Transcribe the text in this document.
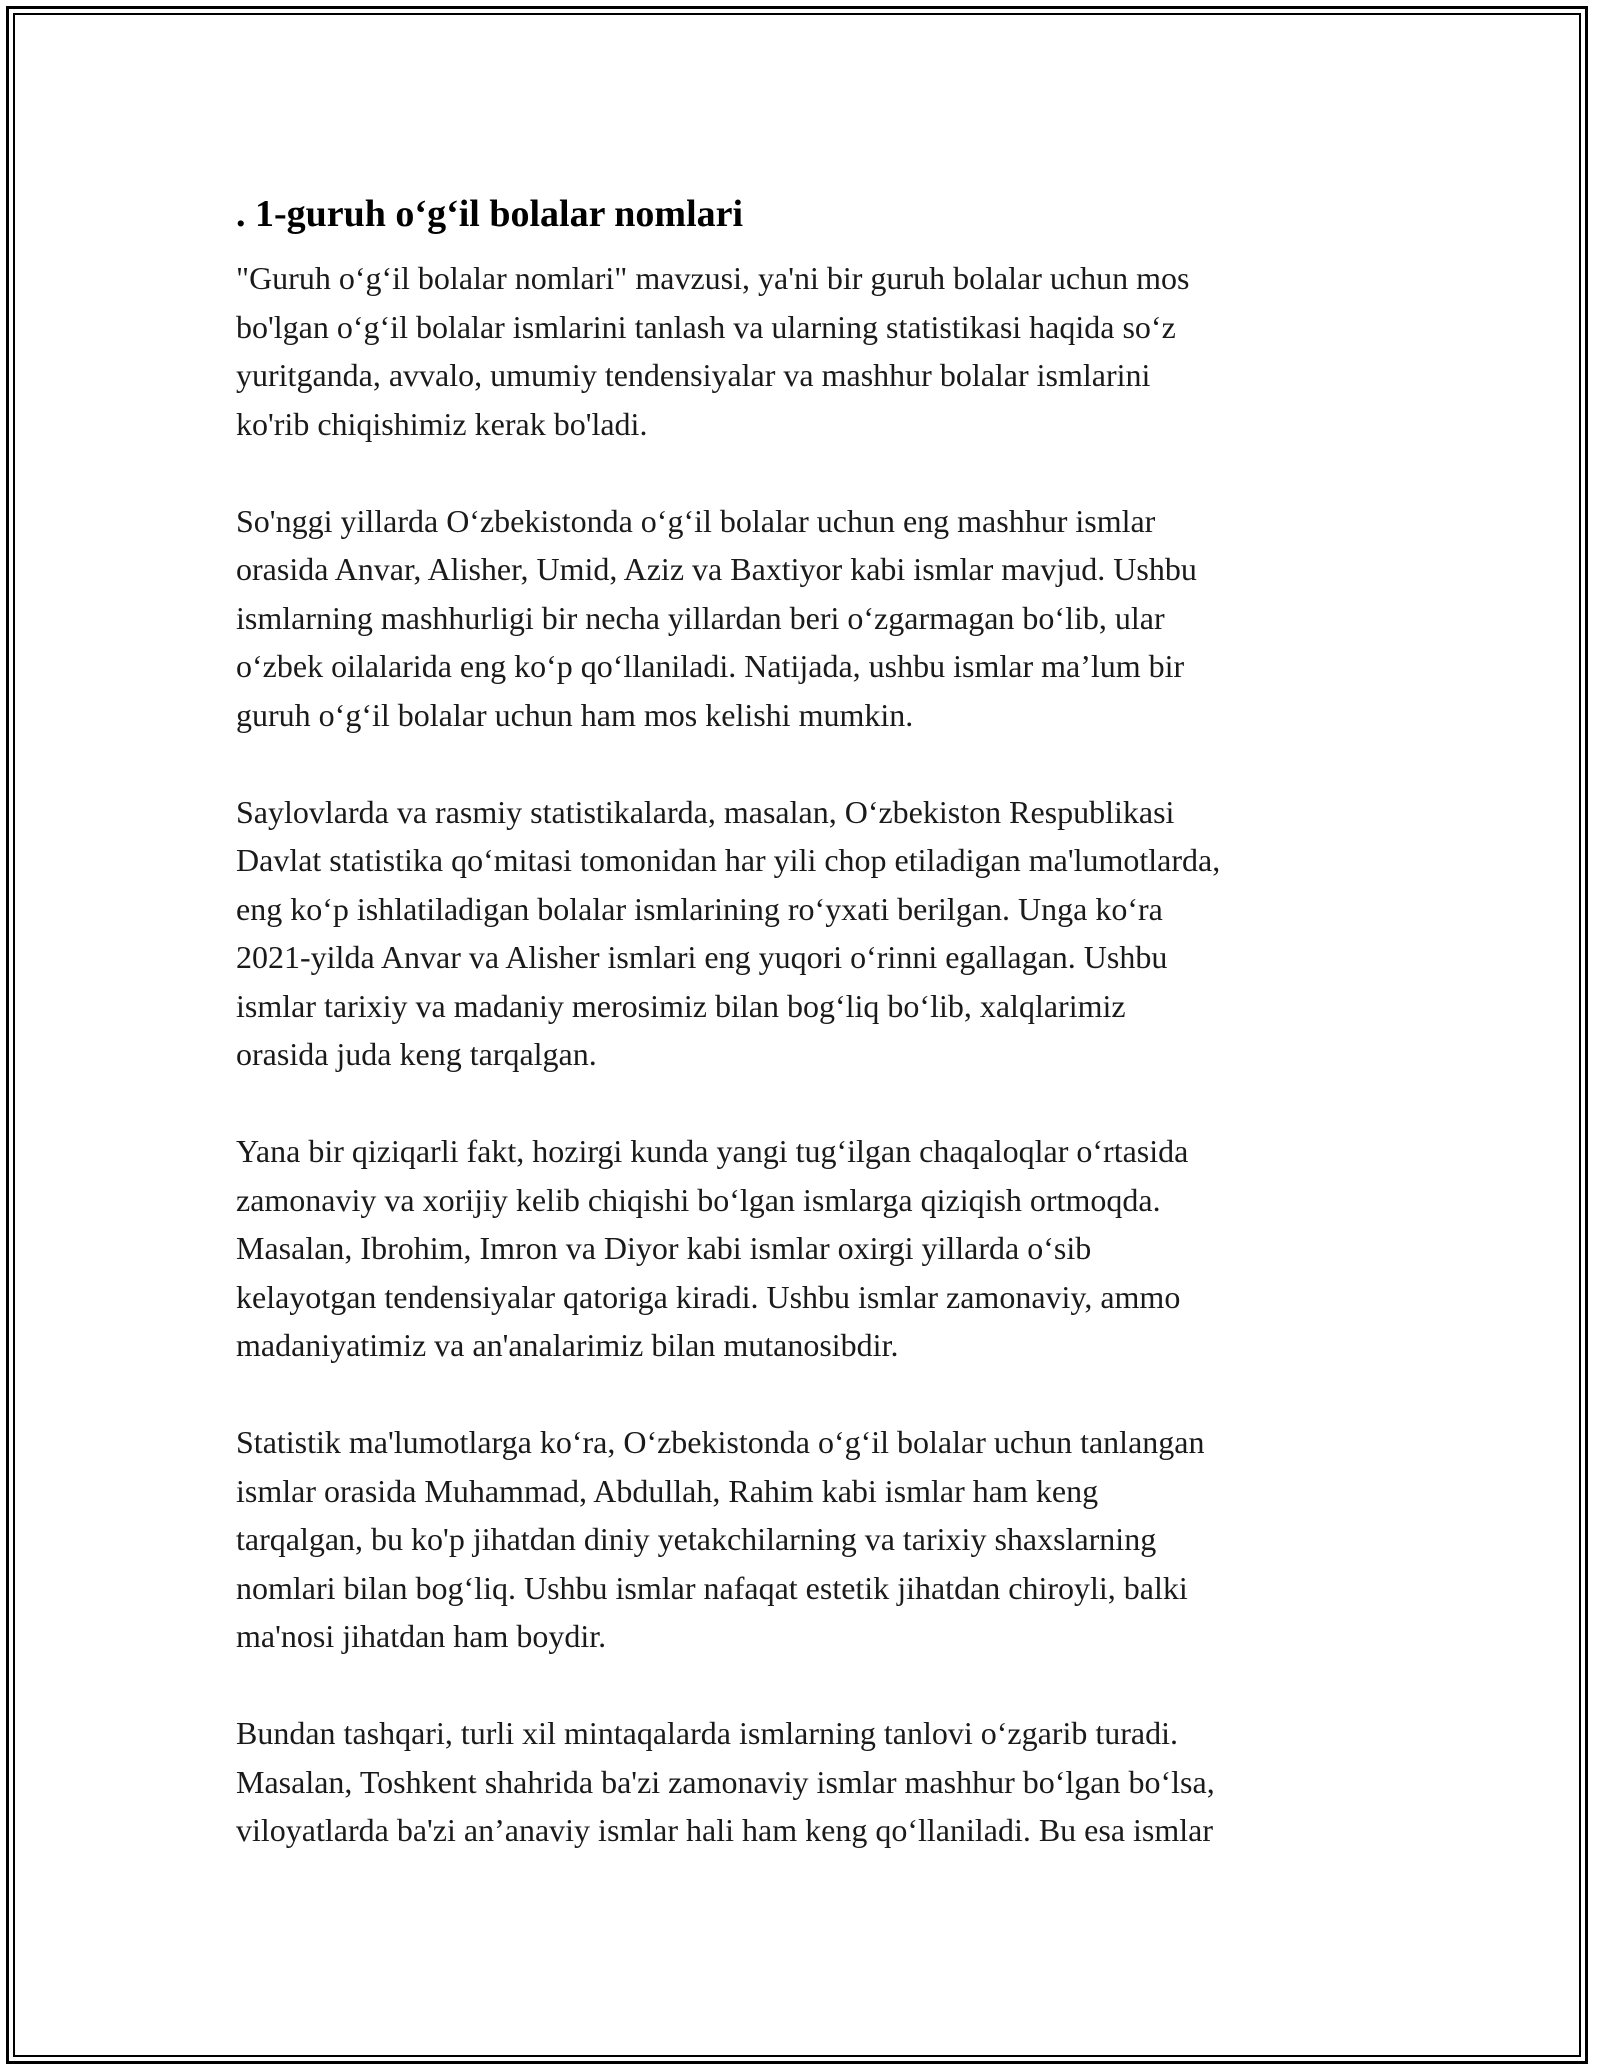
. 1-guruh o‘g‘il bolalar nomlari

"Guruh o‘g‘il bolalar nomlari" mavzusi, ya'ni bir guruh bolalar uchun mos
bo'lgan o‘g‘il bolalar ismlarini tanlash va ularning statistikasi haqida so‘z
yuritganda, avvalo, umumiy tendensiyalar va mashhur bolalar ismlarini
ko'rib chiqishimiz kerak bo'ladi.

So'nggi yillarda O‘zbekistonda o‘g‘il bolalar uchun eng mashhur ismlar
orasida Anvar, Alisher, Umid, Aziz va Baxtiyor kabi ismlar mavjud. Ushbu
ismlarning mashhurligi bir necha yillardan beri o‘zgarmagan bo‘lib, ular
o‘zbek oilalarida eng ko‘p qo‘llaniladi. Natijada, ushbu ismlar ma’lum bir
guruh o‘g‘il bolalar uchun ham mos kelishi mumkin.

Saylovlarda va rasmiy statistikalarda, masalan, O‘zbekiston Respublikasi
Davlat statistika qo‘mitasi tomonidan har yili chop etiladigan ma'lumotlarda,
eng ko‘p ishlatiladigan bolalar ismlarining ro‘yxati berilgan. Unga ko‘ra
2021-yilda Anvar va Alisher ismlari eng yuqori o‘rinni egallagan. Ushbu
ismlar tarixiy va madaniy merosimiz bilan bog‘liq bo‘lib, xalqlarimiz
orasida juda keng tarqalgan.

Yana bir qiziqarli fakt, hozirgi kunda yangi tug‘ilgan chaqaloqlar o‘rtasida
zamonaviy va xorijiy kelib chiqishi bo‘lgan ismlarga qiziqish ortmoqda.
Masalan, Ibrohim, Imron va Diyor kabi ismlar oxirgi yillarda o‘sib
kelayotgan tendensiyalar qatoriga kiradi. Ushbu ismlar zamonaviy, ammo
madaniyatimiz va an'analarimiz bilan mutanosibdir.

Statistik ma'lumotlarga ko‘ra, O‘zbekistonda o‘g‘il bolalar uchun tanlangan
ismlar orasida Muhammad, Abdullah, Rahim kabi ismlar ham keng
tarqalgan, bu ko'p jihatdan diniy yetakchilarning va tarixiy shaxslarning
nomlari bilan bog‘liq. Ushbu ismlar nafaqat estetik jihatdan chiroyli, balki
ma'nosi jihatdan ham boydir.

Bundan tashqari, turli xil mintaqalarda ismlarning tanlovi o‘zgarib turadi.
Masalan, Toshkent shahrida ba'zi zamonaviy ismlar mashhur bo‘lgan bo‘lsa,
viloyatlarda ba'zi an’anaviy ismlar hali ham keng qo‘llaniladi. Bu esa ismlar
